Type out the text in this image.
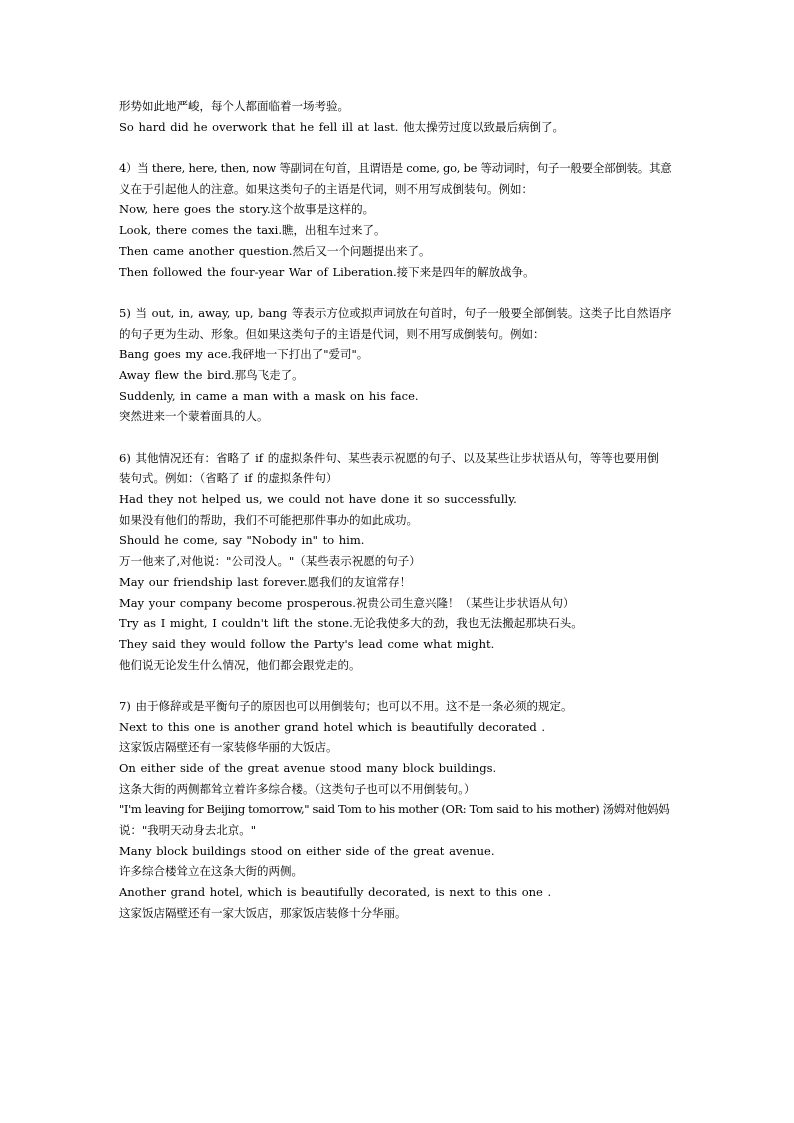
形势如此地严峻，每个人都面临着一场考验。
So hard did he overwork that he fell ill at last. 他太操劳过度以致最后病倒了。
4）当 there, here, then, now 等副词在句首，且谓语是 come, go, be 等动词时，句子一般要全部倒装。其意
义在于引起他人的注意。如果这类句子的主语是代词，则不用写成倒装句。例如：
Now, here goes the story.这个故事是这样的。
Look, there comes the taxi.瞧，出租车过来了。
Then came another question.然后又一个问题提出来了。
Then followed the four-year War of Liberation.接下来是四年的解放战争。
5) 当 out, in, away, up, bang 等表示方位或拟声词放在句首时，句子一般要全部倒装。这类子比自然语序
的句子更为生动、形象。但如果这类句子的主语是代词，则不用写成倒装句。例如：
Bang goes my ace.我砰地一下打出了"爱司"。
Away flew the bird.那鸟飞走了。
Suddenly, in came a man with a mask on his face.
突然进来一个蒙着面具的人。
6) 其他情况还有：省略了 if 的虚拟条件句、某些表示祝愿的句子、以及某些让步状语从句，等等也要用倒
装句式。例如：（省略了 if 的虚拟条件句）
Had they not helped us, we could not have done it so successfully.
如果没有他们的帮助，我们不可能把那件事办的如此成功。
Should he come, say "Nobody in" to him.
万一他来了,对他说："公司没人。"（某些表示祝愿的句子）
May our friendship last forever.愿我们的友谊常存！
May your company become prosperous.祝贵公司生意兴隆！（某些让步状语从句）
Try as I might, I couldn't lift the stone.无论我使多大的劲，我也无法搬起那块石头。
They said they would follow the Party's lead come what might.
他们说无论发生什么情况，他们都会跟党走的。
7) 由于修辞或是平衡句子的原因也可以用倒装句；也可以不用。这不是一条必须的规定。
Next to this one is another grand hotel which is beautifully decorated .
这家饭店隔壁还有一家装修华丽的大饭店。
On either side of the great avenue stood many block buildings.
这条大街的两侧都耸立着许多综合楼。（这类句子也可以不用倒装句。）
"I'm leaving for Beijing tomorrow," said Tom to his mother (OR: Tom said to his mother) 汤姆对他妈妈
说："我明天动身去北京。"
Many block buildings stood on either side of the great avenue.
许多综合楼耸立在这条大街的两侧。
Another grand hotel, which is beautifully decorated, is next to this one .
这家饭店隔壁还有一家大饭店，那家饭店装修十分华丽。
